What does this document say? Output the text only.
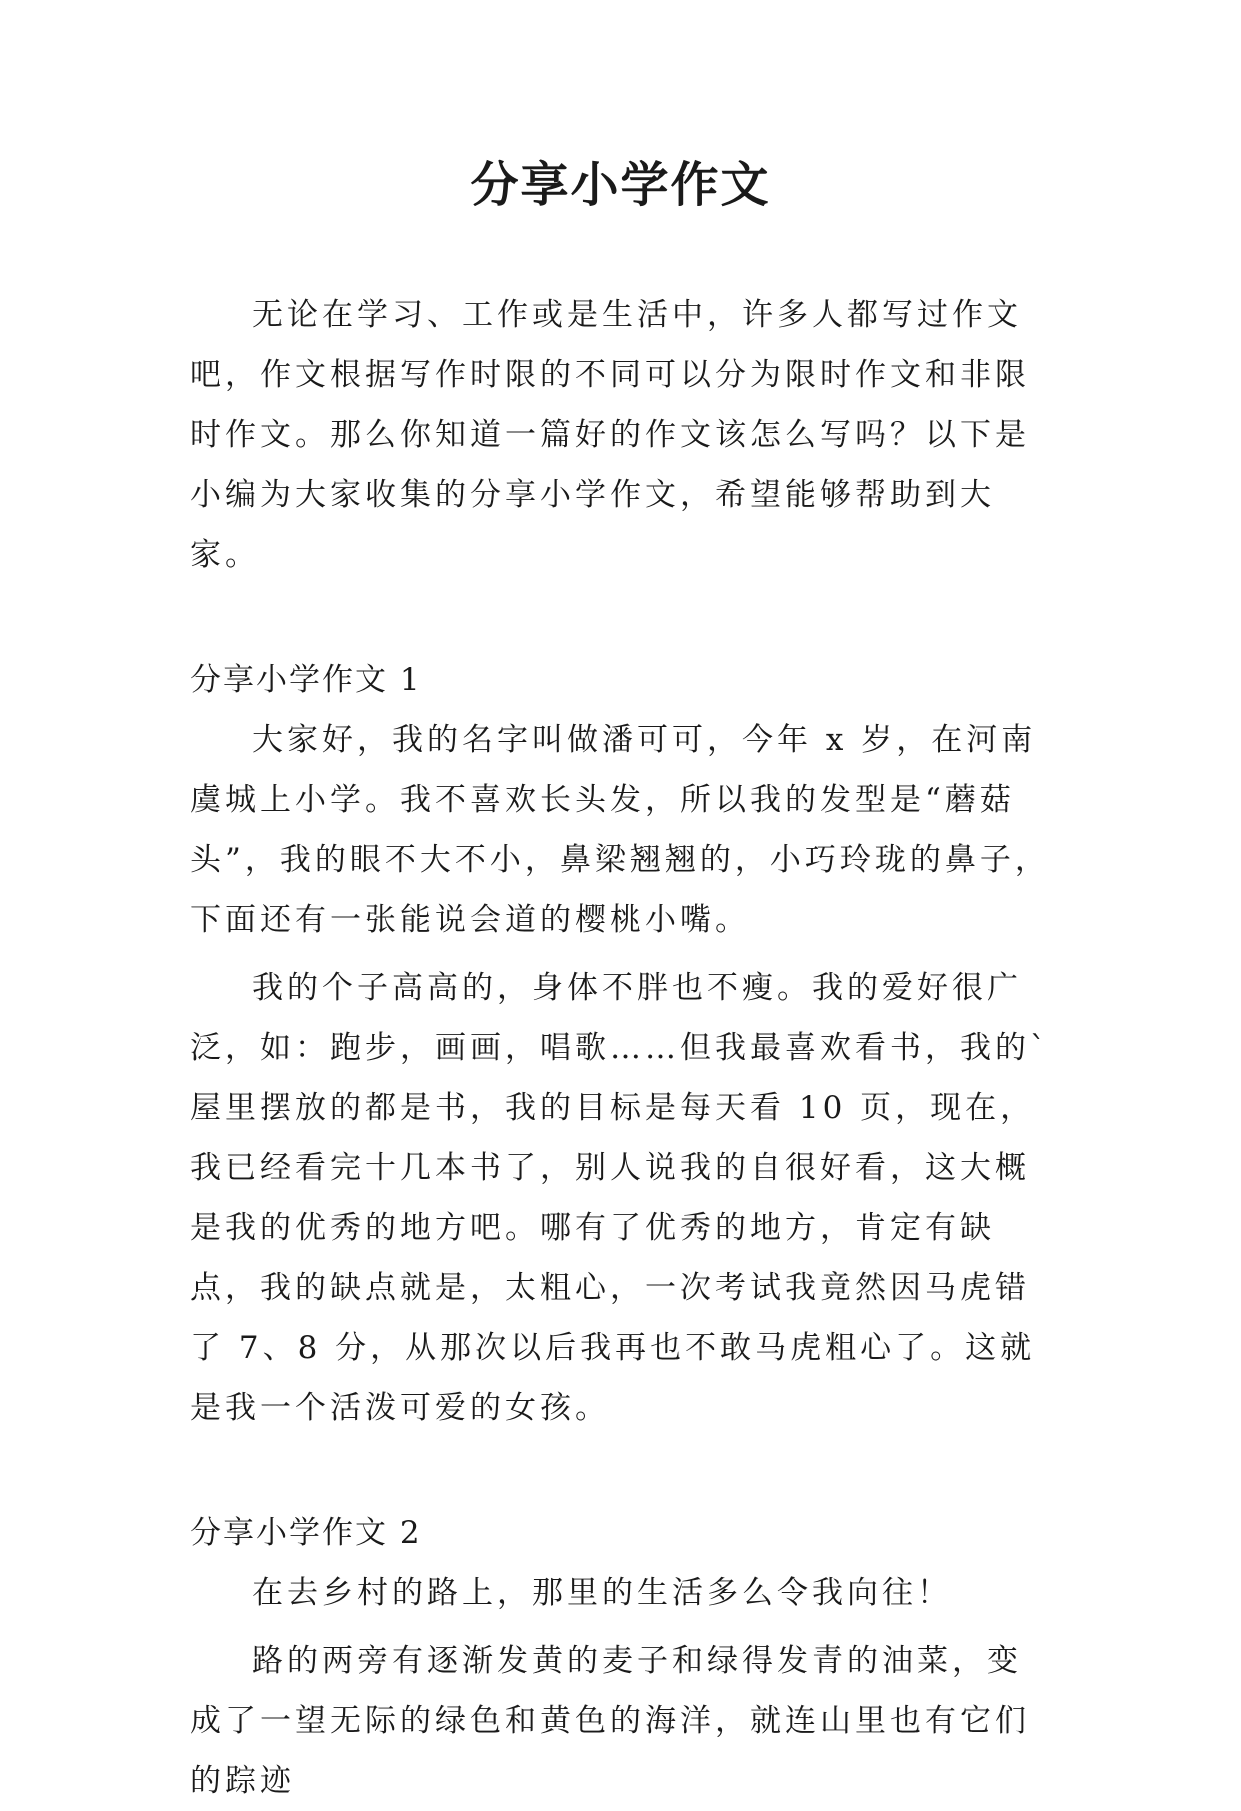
分享小学作文

无论在学习、工作或是生活中，许多人都写过作文吧，作文根据写作时限的不同可以分为限时作文和非限时作文。那么你知道一篇好的作文该怎么写吗？以下是小编为大家收集的分享小学作文，希望能够帮助到大家。

分享小学作文 1

大家好，我的名字叫做潘可可，今年 x 岁，在河南虞城上小学。我不喜欢长头发，所以我的发型是“蘑菇头”，我的眼不大不小，鼻梁翘翘的，小巧玲珑的鼻子，下面还有一张能说会道的樱桃小嘴。

我的个子高高的，身体不胖也不瘦。我的爱好很广泛，如：跑步，画画，唱歌……但我最喜欢看书，我的`屋里摆放的都是书，我的目标是每天看 10 页，现在，我已经看完十几本书了，别人说我的自很好看，这大概是我的优秀的地方吧。哪有了优秀的地方，肯定有缺点，我的缺点就是，太粗心，一次考试我竟然因马虎错了 7、8 分，从那次以后我再也不敢马虎粗心了。这就是我一个活泼可爱的女孩。

分享小学作文 2

在去乡村的路上，那里的生活多么令我向往！

路的两旁有逐渐发黄的麦子和绿得发青的油菜，变成了一望无际的绿色和黄色的海洋，就连山里也有它们的踪迹
